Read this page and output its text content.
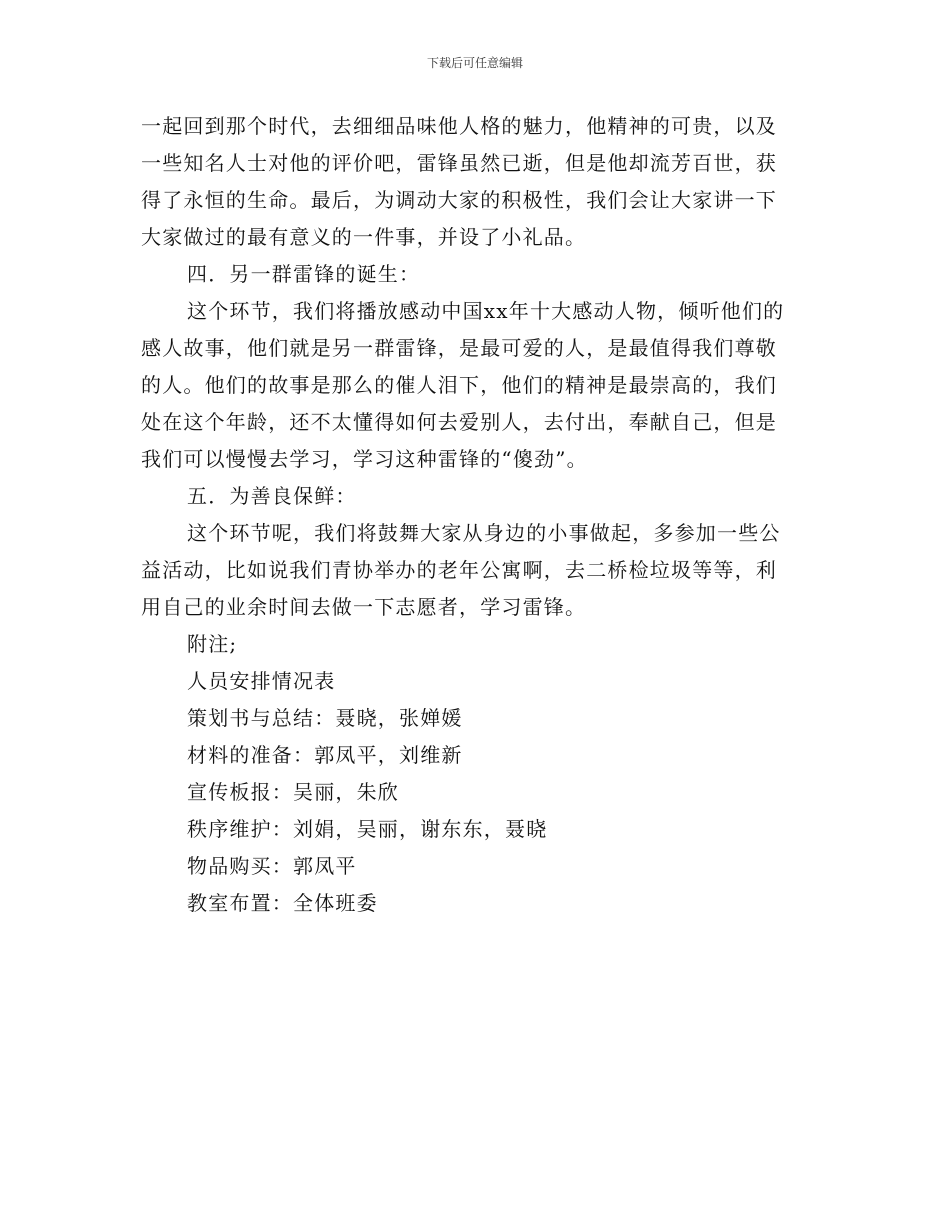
下载后可任意编辑
一起回到那个时代，去细细品味他人格的魅力，他精神的可贵，以及
一些知名人士对他的评价吧，雷锋虽然已逝，但是他却流芳百世，获
得了永恒的生命。最后，为调动大家的积极性，我们会让大家讲一下
大家做过的最有意义的一件事，并设了小礼品。
四．另一群雷锋的诞生：
这个环节，我们将播放感动中国xx年十大感动人物，倾听他们的
感人故事，他们就是另一群雷锋，是最可爱的人，是最值得我们尊敬
的人。他们的故事是那么的催人泪下，他们的精神是最崇高的，我们
处在这个年龄，还不太懂得如何去爱别人，去付出，奉献自己，但是
我们可以慢慢去学习，学习这种雷锋的“傻劲”。
五．为善良保鲜：
这个环节呢，我们将鼓舞大家从身边的小事做起，多参加一些公
益活动，比如说我们青协举办的老年公寓啊，去二桥检垃圾等等，利
用自己的业余时间去做一下志愿者，学习雷锋。
附注;
人员安排情况表
策划书与总结：聂晓，张婵媛
材料的准备：郭凤平，刘维新
宣传板报：吴丽，朱欣
秩序维护：刘娟，吴丽，谢东东，聂晓
物品购买：郭凤平
教室布置：全体班委
